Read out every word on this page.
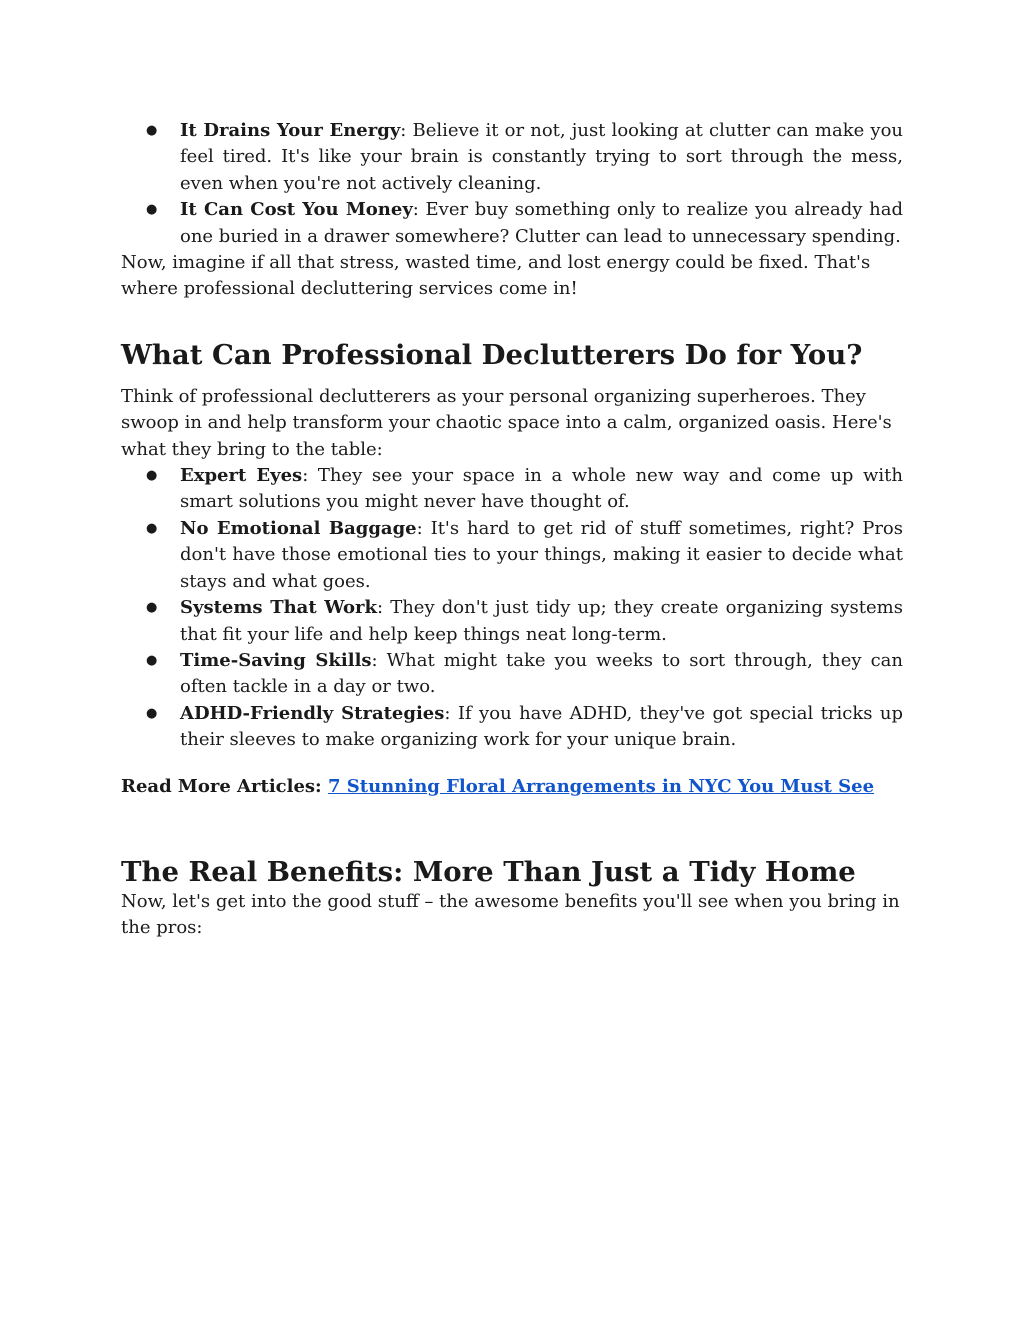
● It Drains Your Energy: Believe it or not, just looking at clutter can make you feel tired. It's like your brain is constantly trying to sort through the mess, even when you're not actively cleaning.
● It Can Cost You Money: Ever buy something only to realize you already had one buried in a drawer somewhere? Clutter can lead to unnecessary spending.

Now, imagine if all that stress, wasted time, and lost energy could be fixed. That's where professional decluttering services come in!

What Can Professional Declutterers Do for You?

Think of professional declutterers as your personal organizing superheroes. They swoop in and help transform your chaotic space into a calm, organized oasis. Here's what they bring to the table:

● Expert Eyes: They see your space in a whole new way and come up with smart solutions you might never have thought of.
● No Emotional Baggage: It's hard to get rid of stuff sometimes, right? Pros don't have those emotional ties to your things, making it easier to decide what stays and what goes.
● Systems That Work: They don't just tidy up; they create organizing systems that fit your life and help keep things neat long-term.
● Time-Saving Skills: What might take you weeks to sort through, they can often tackle in a day or two.
● ADHD-Friendly Strategies: If you have ADHD, they've got special tricks up their sleeves to make organizing work for your unique brain.
Read More Articles: 7 Stunning Floral Arrangements in NYC You Must See
The Real Benefits: More Than Just a Tidy Home

Now, let's get into the good stuff – the awesome benefits you'll see when you bring in the pros:
